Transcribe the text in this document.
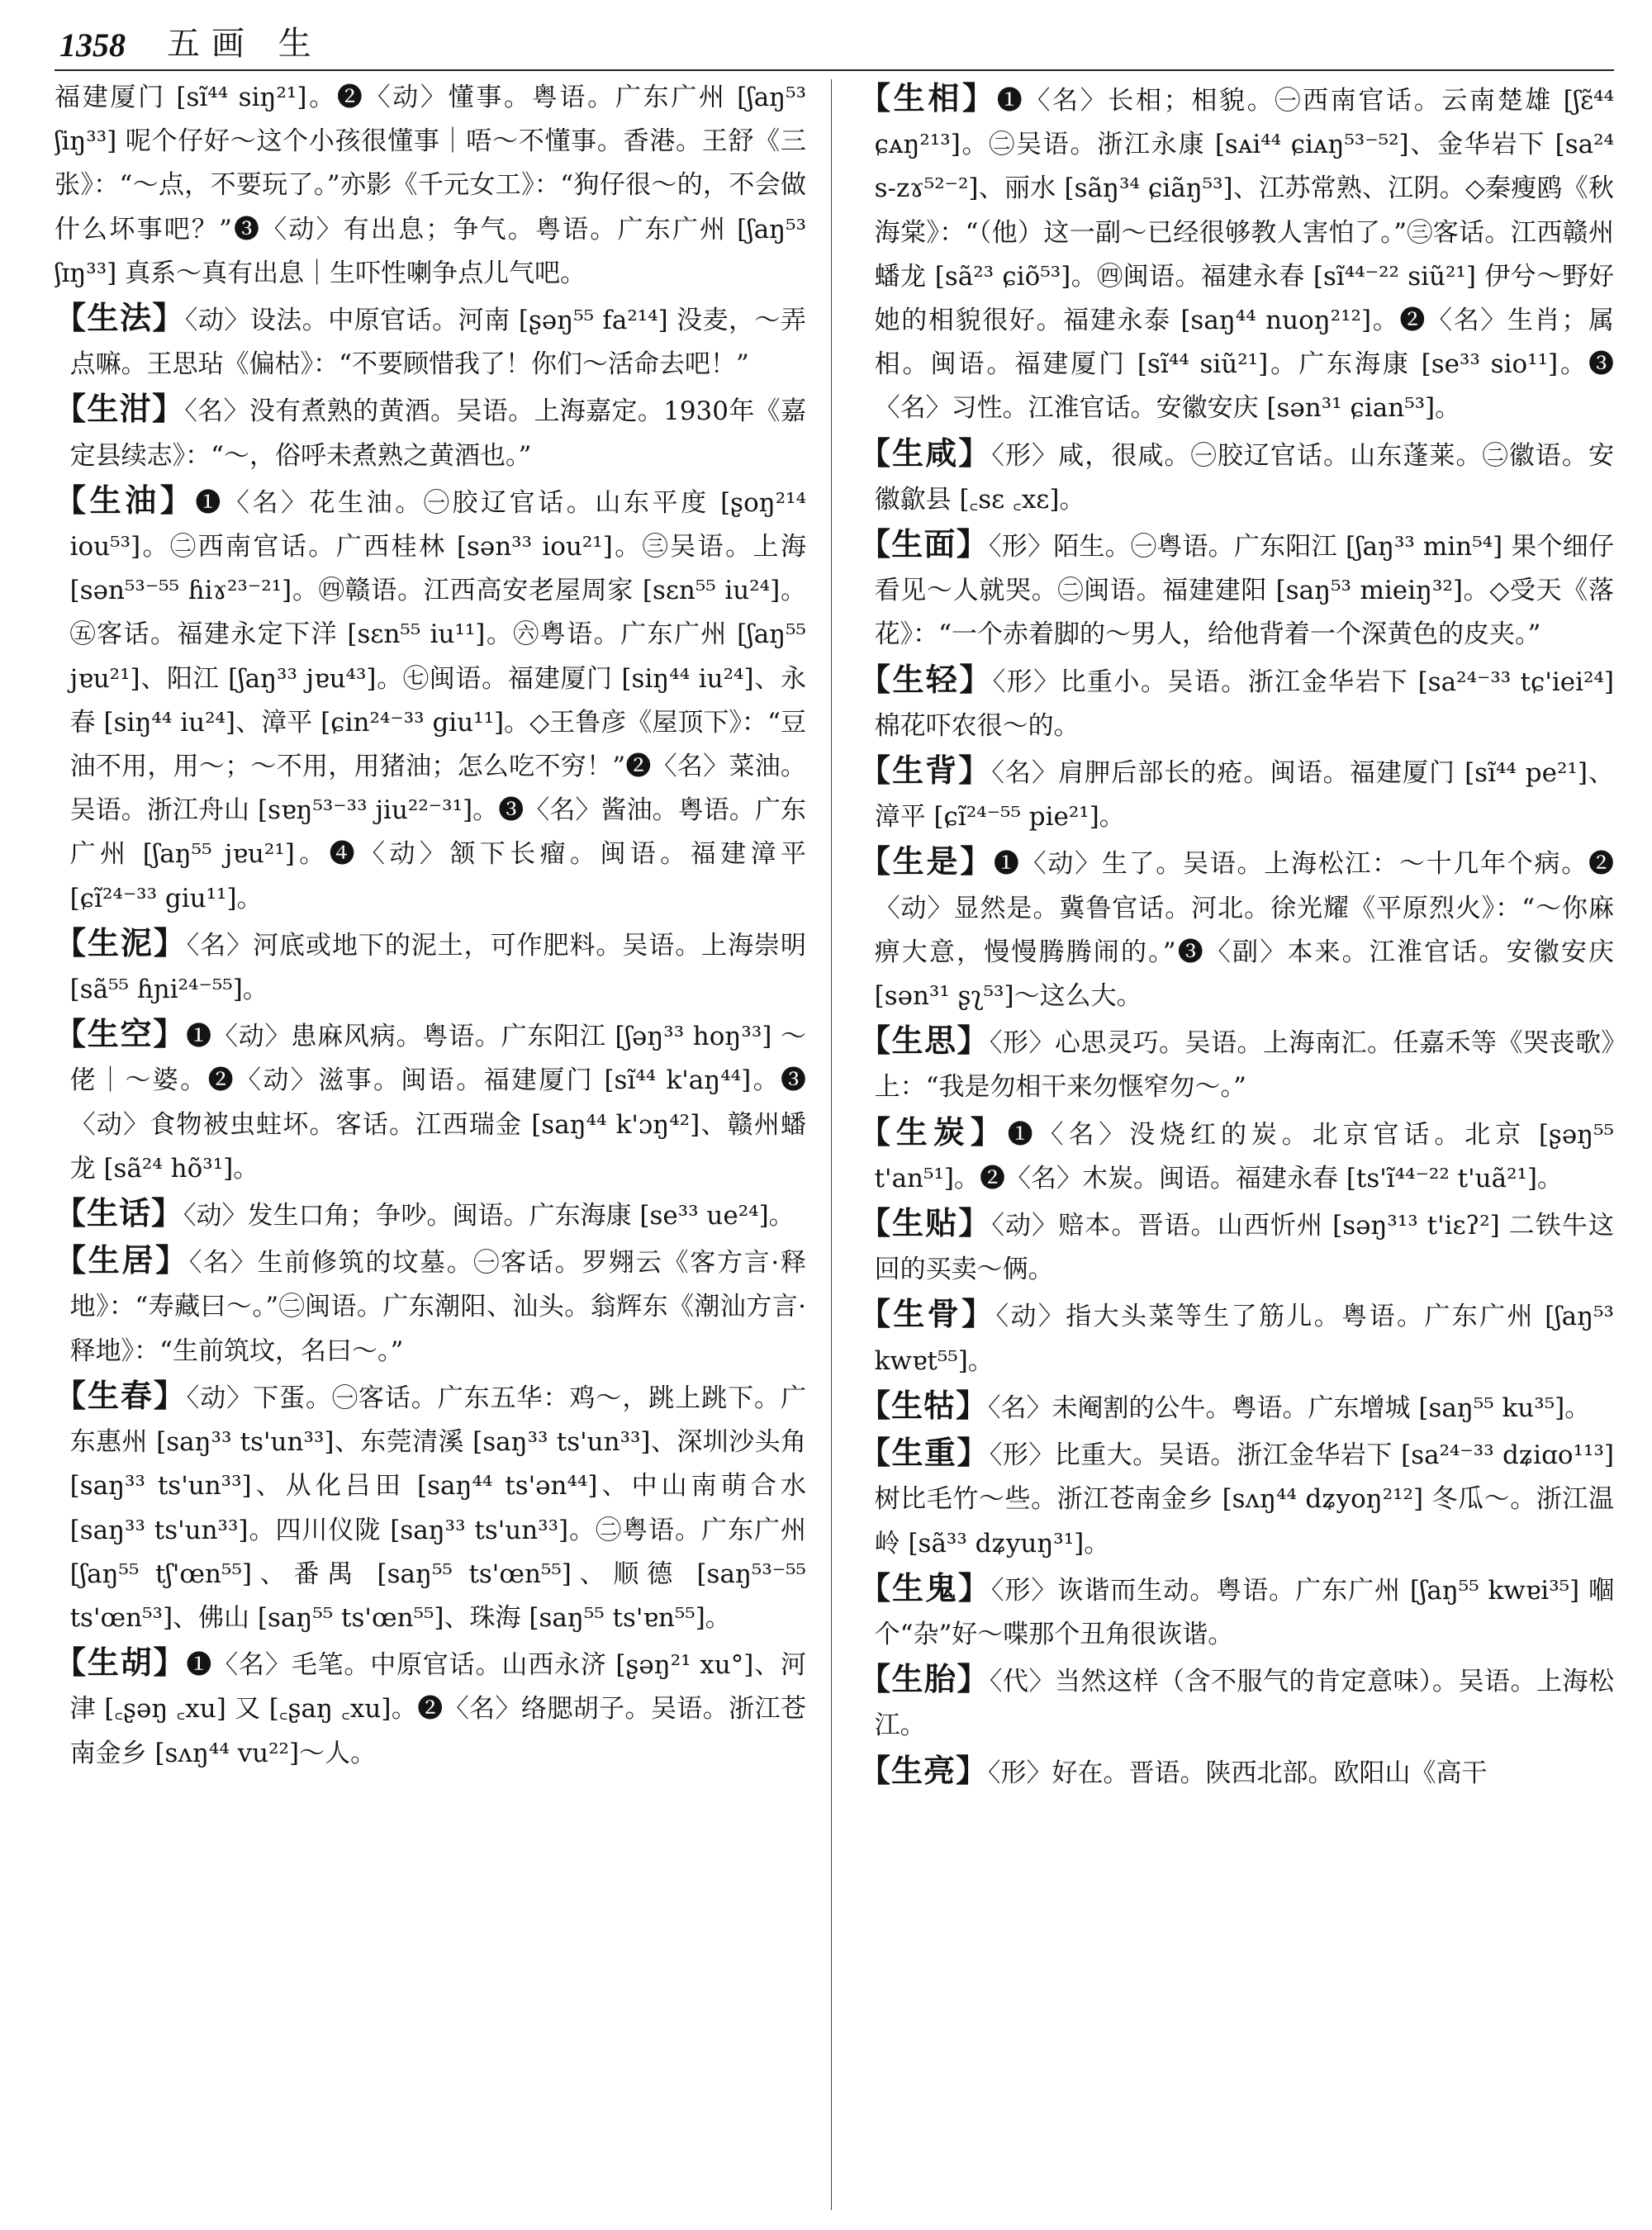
1358 五画 生

福建厦门 [sĩ⁴⁴ siŋ²¹]。❷〈动〉懂事。粤语。广东广州 [ʃaŋ⁵³ ʃiŋ³³] 呢个仔好～这个小孩很懂事｜唔～不懂事。香港。王舒《三张》：“～点，不要玩了。”亦影《千元女工》：“狗仔很～的，不会做什么坏事吧？”❸〈动〉有出息；争气。粤语。广东广州 [ʃaŋ⁵³ ʃɪŋ³³] 真系～真有出息｜生吓性喇争点儿气吧。

【生法】〈动〉设法。中原官话。河南 [ʂəŋ⁵⁵ fa²¹⁴] 没麦，～弄点嘛。王思玷《偏枯》：“不要顾惜我了！你们～活命去吧！”

【生泔】〈名〉没有煮熟的黄酒。吴语。上海嘉定。1930年《嘉定县续志》：“～，俗呼未煮熟之黄酒也。”

【生油】❶〈名〉花生油。㊀胶辽官话。山东平度 [ʂoŋ²¹⁴ iou⁵³]。㊁西南官话。广西桂林 [sən³³ iou²¹]。㊂吴语。上海 [sən⁵³⁻⁵⁵ ɦiɤ²³⁻²¹]。㊃赣语。江西高安老屋周家 [sɛn⁵⁵ iu²⁴]。㊄客话。福建永定下洋 [sɛn⁵⁵ iu¹¹]。㊅粤语。广东广州 [ʃaŋ⁵⁵ jɐu²¹]、阳江 [ʃaŋ³³ jɐu⁴³]。㊆闽语。福建厦门 [siŋ⁴⁴ iu²⁴]、永春 [siŋ⁴⁴ iu²⁴]、漳平 [ɕin²⁴⁻³³ giu¹¹]。◇王鲁彦《屋顶下》：“豆油不用，用～；～不用，用猪油；怎么吃不穷！”❷〈名〉菜油。吴语。浙江舟山 [sɐŋ⁵³⁻³³ jiu²²⁻³¹]。❸〈名〉酱油。粤语。广东广州 [ʃaŋ⁵⁵ jɐu²¹]。❹〈动〉颔下长瘤。闽语。福建漳平 [ɕĩ²⁴⁻³³ giu¹¹]。

【生泥】〈名〉河底或地下的泥土，可作肥料。吴语。上海崇明 [sã⁵⁵ ɦɲi²⁴⁻⁵⁵]。

【生空】❶〈动〉患麻风病。粤语。广东阳江 [ʃəŋ³³ hoŋ³³] ～佬｜～婆。❷〈动〉滋事。闽语。福建厦门 [sĩ⁴⁴ k'aŋ⁴⁴]。❸〈动〉食物被虫蛀坏。客话。江西瑞金 [saŋ⁴⁴ k'ɔŋ⁴²]、赣州蟠龙 [sã²⁴ hõ³¹]。

【生话】〈动〉发生口角；争吵。闽语。广东海康 [se³³ ue²⁴]。

【生居】〈名〉生前修筑的坟墓。㊀客话。罗翙云《客方言·释地》：“寿藏曰～。”㊁闽语。广东潮阳、汕头。翁辉东《潮汕方言·释地》：“生前筑坟，名曰～。”

【生春】〈动〉下蛋。㊀客话。广东五华：鸡～，跳上跳下。广东惠州 [saŋ³³ ts'un³³]、东莞清溪 [saŋ³³ ts'un³³]、深圳沙头角 [saŋ³³ ts'un³³]、从化吕田 [saŋ⁴⁴ ts'ən⁴⁴]、中山南萌合水 [saŋ³³ ts'un³³]。四川仪陇 [saŋ³³ ts'un³³]。㊁粤语。广东广州 [ʃaŋ⁵⁵ tʃ'œn⁵⁵]、番禺 [saŋ⁵⁵ ts'œn⁵⁵]、顺德 [saŋ⁵³⁻⁵⁵ ts'œn⁵³]、佛山 [saŋ⁵⁵ ts'œn⁵⁵]、珠海 [saŋ⁵⁵ ts'ɐn⁵⁵]。

【生胡】❶〈名〉毛笔。中原官话。山西永济 [ʂəŋ²¹ xu°]、河津 [꜀ʂəŋ ꜀xu] 又 [꜀ʂaŋ ꜀xu]。❷〈名〉络腮胡子。吴语。浙江苍南金乡 [sʌŋ⁴⁴ vu²²]～人。

【生相】❶〈名〉长相；相貌。㊀西南官话。云南楚雄 [ʃɛ̃⁴⁴ ɕᴀŋ²¹³]。㊁吴语。浙江永康 [sᴀi⁴⁴ ɕiᴀŋ⁵³⁻⁵²]、金华岩下 [sa²⁴ s-zɤ⁵²⁻²]、丽水 [sãŋ³⁴ ɕiãŋ⁵³]、江苏常熟、江阴。◇秦瘦鸥《秋海棠》：“（他）这一副～已经很够教人害怕了。”㊂客话。江西赣州蟠龙 [sã²³ ɕiõ⁵³]。㊃闽语。福建永春 [sĩ⁴⁴⁻²² siũ²¹] 伊兮～野好她的相貌很好。福建永泰 [saŋ⁴⁴ nuoŋ²¹²]。❷〈名〉生肖；属相。闽语。福建厦门 [sĩ⁴⁴ siũ²¹]。广东海康 [se³³ sio¹¹]。❸〈名〉习性。江淮官话。安徽安庆 [sən³¹ ɕian⁵³]。

【生咸】〈形〉咸，很咸。㊀胶辽官话。山东蓬莱。㊁徽语。安徽歙县 [꜀sɛ ꜀xɛ]。

【生面】〈形〉陌生。㊀粤语。广东阳江 [ʃaŋ³³ min⁵⁴] 果个细仔看见～人就哭。㊁闽语。福建建阳 [saŋ⁵³ mieiŋ³²]。◇受天《落花》：“一个赤着脚的～男人，给他背着一个深黄色的皮夹。”

【生轻】〈形〉比重小。吴语。浙江金华岩下 [sa²⁴⁻³³ tɕ'iei²⁴] 棉花吓农很～的。

【生背】〈名〉肩胛后部长的疮。闽语。福建厦门 [sĩ⁴⁴ pe²¹]、漳平 [ɕĩ²⁴⁻⁵⁵ pie²¹]。

【生是】❶〈动〉生了。吴语。上海松江：～十几年个病。❷〈动〉显然是。冀鲁官话。河北。徐光耀《平原烈火》：“～你麻痹大意，慢慢腾腾闹的。”❸〈副〉本来。江淮官话。安徽安庆 [sən³¹ ʂʅ⁵³]～这么大。

【生思】〈形〉心思灵巧。吴语。上海南汇。任嘉禾等《哭丧歌》上：“我是勿相干来勿惬窄勿～。”

【生炭】❶〈名〉没烧红的炭。北京官话。北京 [ʂəŋ⁵⁵ t'an⁵¹]。❷〈名〉木炭。闽语。福建永春 [ts'ĩ⁴⁴⁻²² t'uã²¹]。

【生贴】〈动〉赔本。晋语。山西忻州 [səŋ³¹³ t'iɛʔ²] 二铁牛这回的买卖～俩。

【生骨】〈动〉指大头菜等生了筋儿。粤语。广东广州 [ʃaŋ⁵³ kwɐt⁵⁵]。

【生牯】〈名〉未阉割的公牛。粤语。广东增城 [saŋ⁵⁵ ku³⁵]。

【生重】〈形〉比重大。吴语。浙江金华岩下 [sa²⁴⁻³³ dʑiɑo¹¹³] 树比毛竹～些。浙江苍南金乡 [sʌŋ⁴⁴ dʑyoŋ²¹²] 冬瓜～。浙江温岭 [sã³³ dʑyuŋ³¹]。

【生鬼】〈形〉诙谐而生动。粤语。广东广州 [ʃaŋ⁵⁵ kwɐi³⁵] 嗰个“杂”好～喋那个丑角很诙谐。

【生胎】〈代〉当然这样（含不服气的肯定意味）。吴语。上海松江。

【生亮】〈形〉好在。晋语。陕西北部。欧阳山《高干
